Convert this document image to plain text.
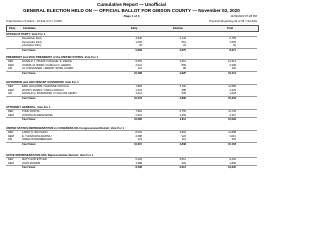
Cumulative Report — Unofficial
GENERAL ELECTION HELD ON — OFFICIAL BALLOT FOR GIBSON COUNTY — November 03, 2020
Page 1 of 4	11/03/2020 07:28 PM
Total Number of Voters : 15,332 of 0 = 0.00%	Precincts Reporting 34 of 36 = 94.44%
Party	Candidate	Early	Election	Total
STRAIGHT PARTY, Vote For 1
Republican Party	4,640	2,143	6,783
Democratic Party	1,026	510	1,536
Libertarian Party	30	22	52
Cast Votes:	5,696	2,675	8,371
PRESIDENT and VICE-PRESIDENT of the UNITED STATES, Vote For 1
REP	DONALD J. TRUMP / MICHAEL R. PENCE	8,352	3,961	12,313
DEM	JOSEPH R. BIDEN / KAMALA D. HARRIS	2,012	896	2,908
LIB	JO JORGENSEN / JEREMY SPIKE COHEN	124	68	192
Cast Votes:	10,488	4,925	15,413
GOVERNOR and LIEUTENANT GOVERNOR, Vote For 1
REP	ERIC HOLCOMB / SUZANNE CROUCH	7,884	3,702	11,586
DEM	WOODY MYERS / LINDA LAWSON	1,541	688	2,229
LIB	DONALD G. RAINWATER II / WILLIAM HENRY	1,012	506	1,518
Cast Votes:	10,437	4,896	15,333
ATTORNEY GENERAL, Vote For 1
REP	TODD ROKITA	7,981	3,755	11,736
DEM	JONATHAN WEINZAPFEL	2,301	1,056	3,357
Cast Votes:	10,282	4,811	15,093
UNITED STATES REPRESENTATIVE in CONGRESS 8th Congressional District, Vote For 1
REP	LARRY D. BUCSHON	8,004	3,804	11,808
DEM	E. THOMASINA MARSILI	2,088	924	3,012
LIB	JAMES RODENBERGER	223	110	333
Cast Votes:	10,315	4,838	15,153
STATE REPRESENTATIVE 64th Representative District, Vote For 1
REP	MATT HOSTETTLER	6,420	3,012	9,432
DEM	JOHN MORRIS	1,988	902	2,890
Cast Votes:	8,408	3,914	12,322
